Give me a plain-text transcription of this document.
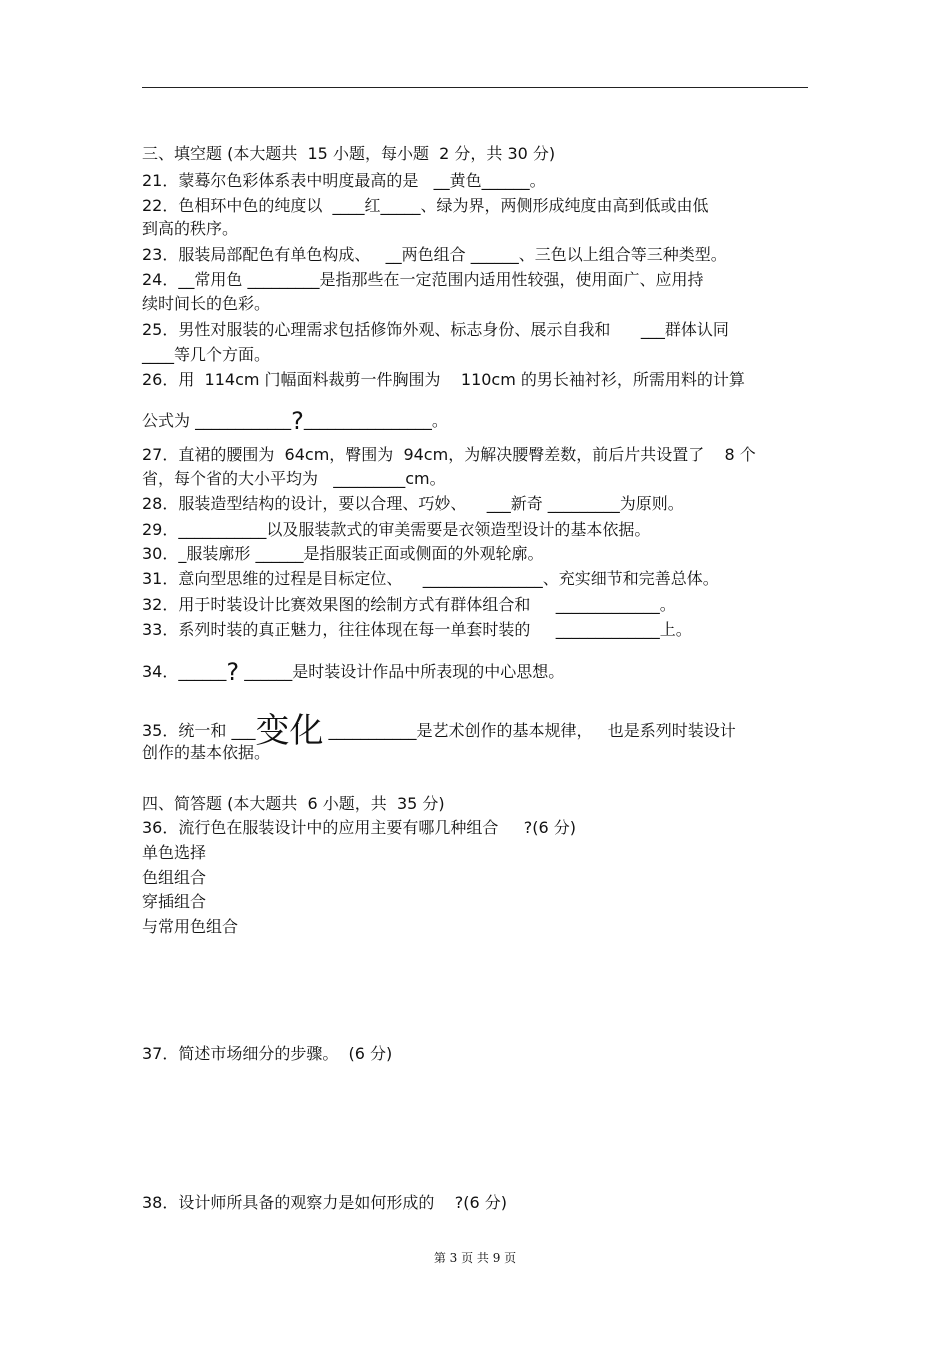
三、填空题 (本大题共  15 小题，每小题  2 分，共 30 分)
21．蒙蓦尔色彩体系表中明度最高的是   __黄色______。
22．色相环中色的纯度以  ____红_____、绿为界，两侧形成纯度由高到低或由低
到高的秩序。
23．服装局部配色有单色构成、   __两色组合 ______、三色以上组合等三种类型。
24．__常用色 _________是指那些在一定范围内适用性较强，使用面广、应用持
续时间长的色彩。
25．男性对服装的心理需求包括修饰外观、标志身份、展示自我和      ___群体认同
____等几个方面。
26．用  114cm 门幅面料裁剪一件胸围为    110cm 的男长袖衬衫，所需用料的计算
公式为 ____________?________________。
27．直裙的腰围为  64cm，臀围为  94cm，为解决腰臀差数，前后片共设置了    8 个
省，每个省的大小平均为   _________cm。
28．服装造型结构的设计，要以合理、巧妙、    ___新奇 _________为原则。
29．___________以及服装款式的审美需要是衣领造型设计的基本依据。
30．_服装廓形 ______是指服装正面或侧面的外观轮廓。
31．意向型思维的过程是目标定位、    _______________、充实细节和完善总体。
32．用于时装设计比赛效果图的绘制方式有群体组合和     _____________。
33．系列时装的真正魅力，往往体现在每一单套时装的     _____________上。
34．______? ______是时装设计作品中所表现的中心思想。
35．统一和 ___变化 ___________是艺术创作的基本规律，   也是系列时装设计
创作的基本依据。
四、简答题 (本大题共  6 小题，共  35 分)
36．流行色在服装设计中的应用主要有哪几种组合     ?(6 分)
单色选择
色组组合
穿插组合
与常用色组合
37．简述市场细分的步骤。  (6 分)
38．设计师所具备的观察力是如何形成的    ?(6 分)
第 3 页 共 9 页
